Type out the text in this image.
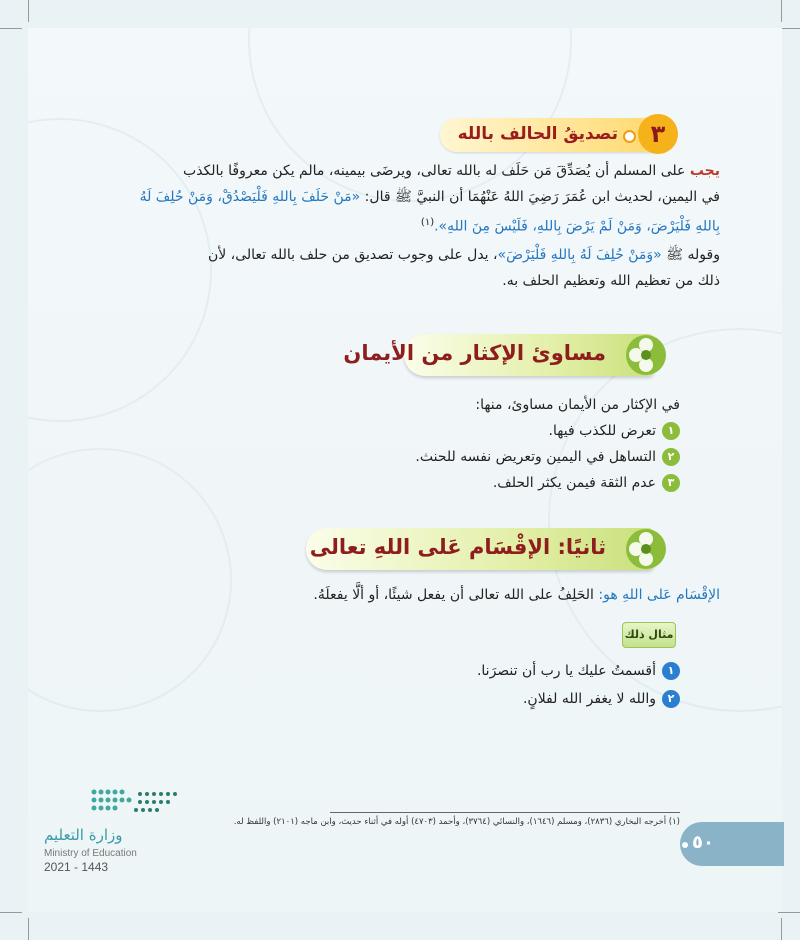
٣
تصديقُ الحالف بالله
يجب على المسلم أن يُصَدِّقَ مَن حَلَف له بالله تعالى، ويرضَى بيمينه، مالم يكن معروفًا بالكذب
في اليمين، لحديث ابن عُمَرَ رَضِيَ اللهُ عَنْهُمَا أن النبيَّ ﷺ قال: «مَنْ حَلَفَ بِاللهِ فَلْيَصْدُقْ، وَمَنْ حُلِفَ لَهُ
بِاللهِ فَلْيَرْضَ، وَمَنْ لَمْ يَرْضَ بِاللهِ، فَلَيْسَ مِنَ اللهِ».$^{(١)}$
وقوله ﷺ «وَمَنْ حُلِفَ لَهُ بِاللهِ فَلْيَرْضَ»، يدل على وجوب تصديق من حلف بالله تعالى، لأن
ذلك من تعظيم الله وتعظيم الحلف به.
مساوئ الإكثار من الأيمان
في الإكثار من الأيمان مساوئ، منها:
١تعرض للكذب فيها.
٢التساهل في اليمين وتعريض نفسه للحنث.
٣عدم الثقة فيمن يكثر الحلف.
ثانيًا: الإقْسَام عَلى اللهِ تعالى
الإقْسَام عَلى اللهِ هو: الحَلِفُ على الله تعالى أن يفعل شيئًا، أو ألَّا يفعلَهُ.
مثال ذلك
١أقسمتُ عليك يا رب أن تنصرَنا.
٢والله لا يغفر الله لفلانٍ.
(١) أخرجه البخاري (٢٨٣٦)، ومسلم (١٦٤٦)، والنسائي (٣٧٦٤)، وأحمد (٤٧٠٣) أوله في أثناء حديث، وابن ماجه (٢١٠١) واللفظ له.
٥٠
وزارة التعليم
Ministry of Education
2021 - 1443
